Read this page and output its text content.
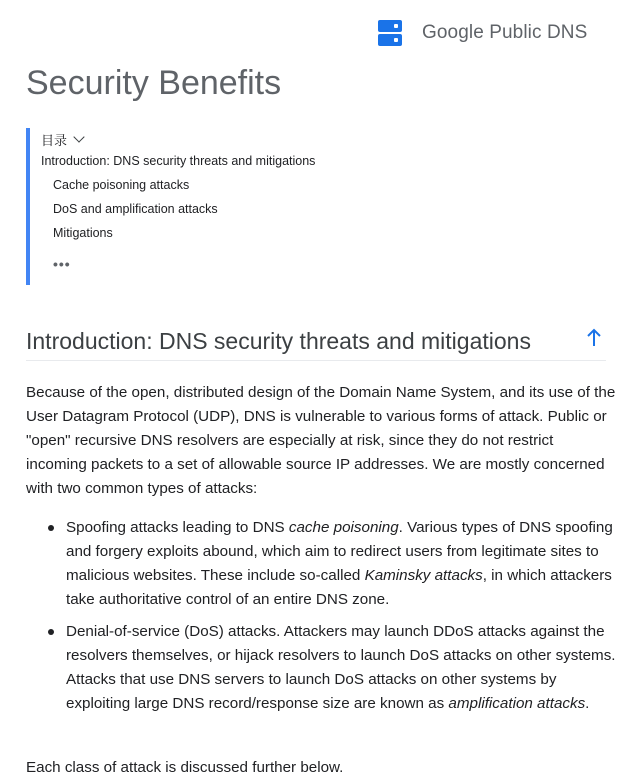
Google Public DNS
Security Benefits
目录
Introduction: DNS security threats and mitigations
Cache poisoning attacks
DoS and amplification attacks
Mitigations
•••
Introduction: DNS security threats and mitigations

Because of the open, distributed design of the Domain Name System, and its use of the User Datagram Protocol (UDP), DNS is vulnerable to various forms of attack. Public or "open" recursive DNS resolvers are especially at risk, since they do not restrict incoming packets to a set of allowable source IP addresses. We are mostly concerned with two common types of attacks:

Spoofing attacks leading to DNS cache poisoning. Various types of DNS spoofing and forgery exploits abound, which aim to redirect users from legitimate sites to malicious websites. These include so-called Kaminsky attacks, in which attackers take authoritative control of an entire DNS zone.
Denial-of-service (DoS) attacks. Attackers may launch DDoS attacks against the resolvers themselves, or hijack resolvers to launch DoS attacks on other systems. Attacks that use DNS servers to launch DoS attacks on other systems by exploiting large DNS record/response size are known as amplification attacks.

Each class of attack is discussed further below.
